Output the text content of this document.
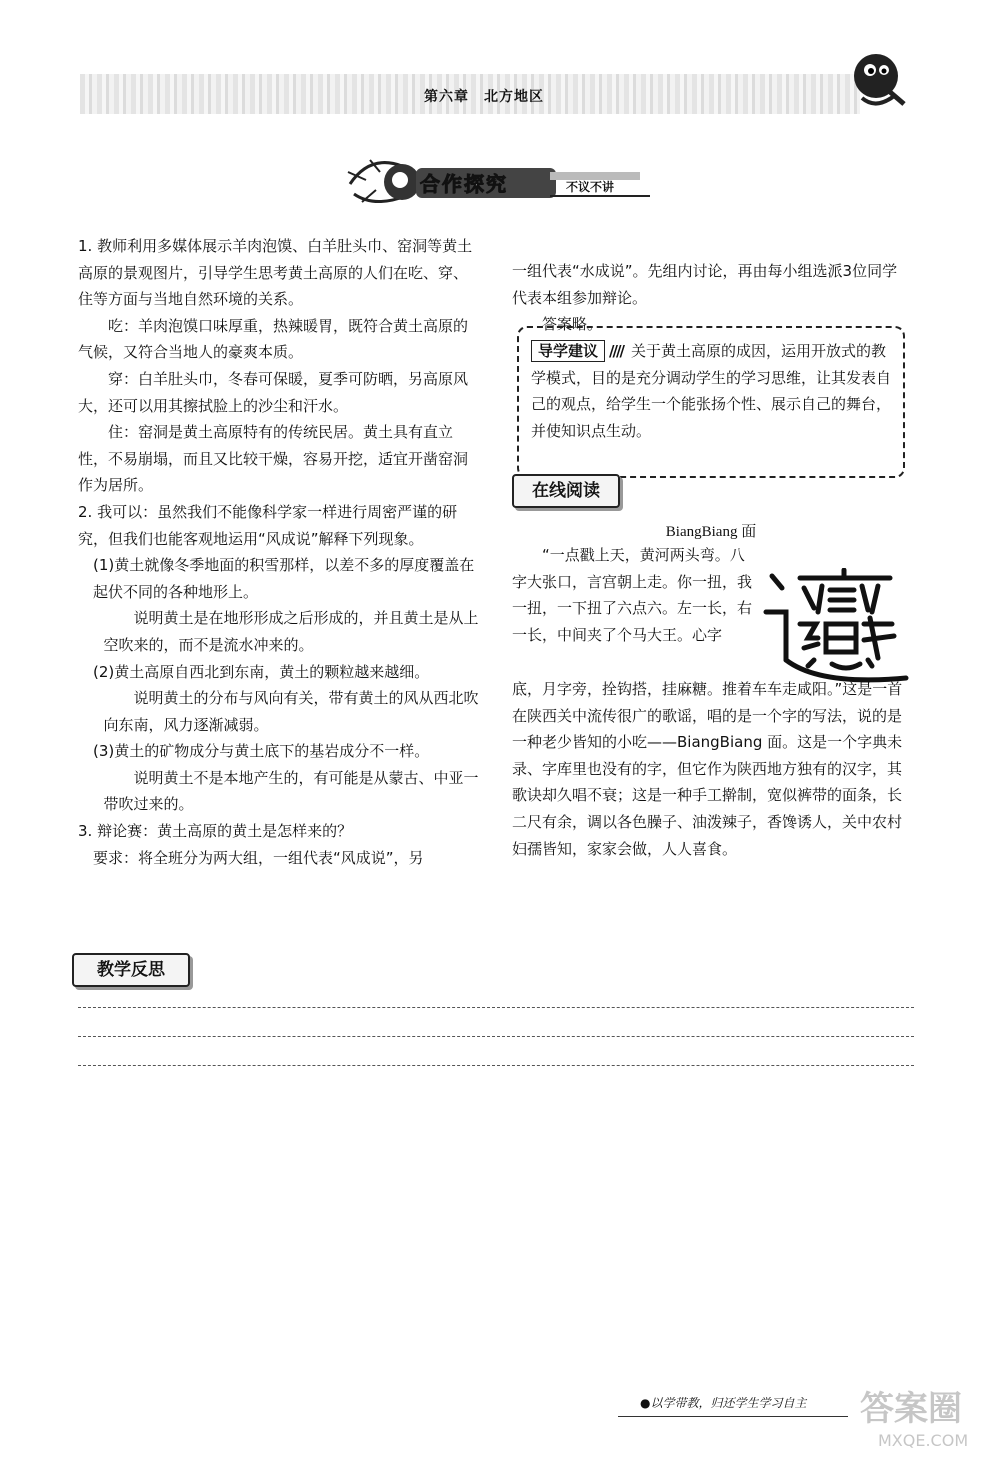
第六章　北方地区
合作探究	不议不讲

1. 教师利用多媒体展示羊肉泡馍、白羊肚头巾、窑洞等黄土高原的景观图片，引导学生思考黄土高原的人们在吃、穿、住等方面与当地自然环境的关系。

吃：羊肉泡馍口味厚重，热辣暖胃，既符合黄土高原的气候，又符合当地人的豪爽本质。

穿：白羊肚头巾，冬春可保暖，夏季可防晒，另高原风大，还可以用其擦拭脸上的沙尘和汗水。

住：窑洞是黄土高原特有的传统民居。黄土具有直立性，不易崩塌，而且又比较干燥，容易开挖，适宜开凿窑洞作为居所。

2. 我可以：虽然我们不能像科学家一样进行周密严谨的研究，但我们也能客观地运用“风成说”解释下列现象。

(1)黄土就像冬季地面的积雪那样，以差不多的厚度覆盖在起伏不同的各种地形上。

说明黄土是在地形形成之后形成的，并且黄土是从上空吹来的，而不是流水冲来的。

(2)黄土高原自西北到东南，黄土的颗粒越来越细。

说明黄土的分布与风向有关，带有黄土的风从西北吹向东南，风力逐渐减弱。

(3)黄土的矿物成分与黄土底下的基岩成分不一样。

说明黄土不是本地产生的，有可能是从蒙古、中亚一带吹过来的。

3. 辩论赛：黄土高原的黄土是怎样来的？

要求：将全班分为两大组，一组代表“风成说”，另

一组代表“水成说”。先组内讨论，再由每小组选派3位同学代表本组参加辩论。

答案略。

导学建议 //// 关于黄土高原的成因，运用开放式的教学模式，目的是充分调动学生的学习思维，让其发表自己的观点，给学生一个能张扬个性、展示自己的舞台，并使知识点生动。
在线阅读
BiangBiang 面
“一点戳上天，黄河两头弯。八字大张口，言宫朝上走。你一扭，我一扭，一下扭了六点六。左一长，右一长，中间夹了个马大王。心字
底，月字旁，拴钩搭，挂麻糖。推着车车走咸阳。”这是一首在陕西关中流传很广的歌谣，唱的是一个字的写法，说的是一种老少皆知的小吃——BiangBiang 面。这是一个字典未录、字库里也没有的字，但它作为陕西地方独有的汉字，其歌诀却久唱不衰；这是一种手工擀制，宽似裤带的面条，长二尺有余，调以各色臊子、油泼辣子，香馋诱人，关中农村妇孺皆知，家家会做，人人喜食。
教学反思
●以学带教，归还学生学习自主 答案圈
MXQE.COM
